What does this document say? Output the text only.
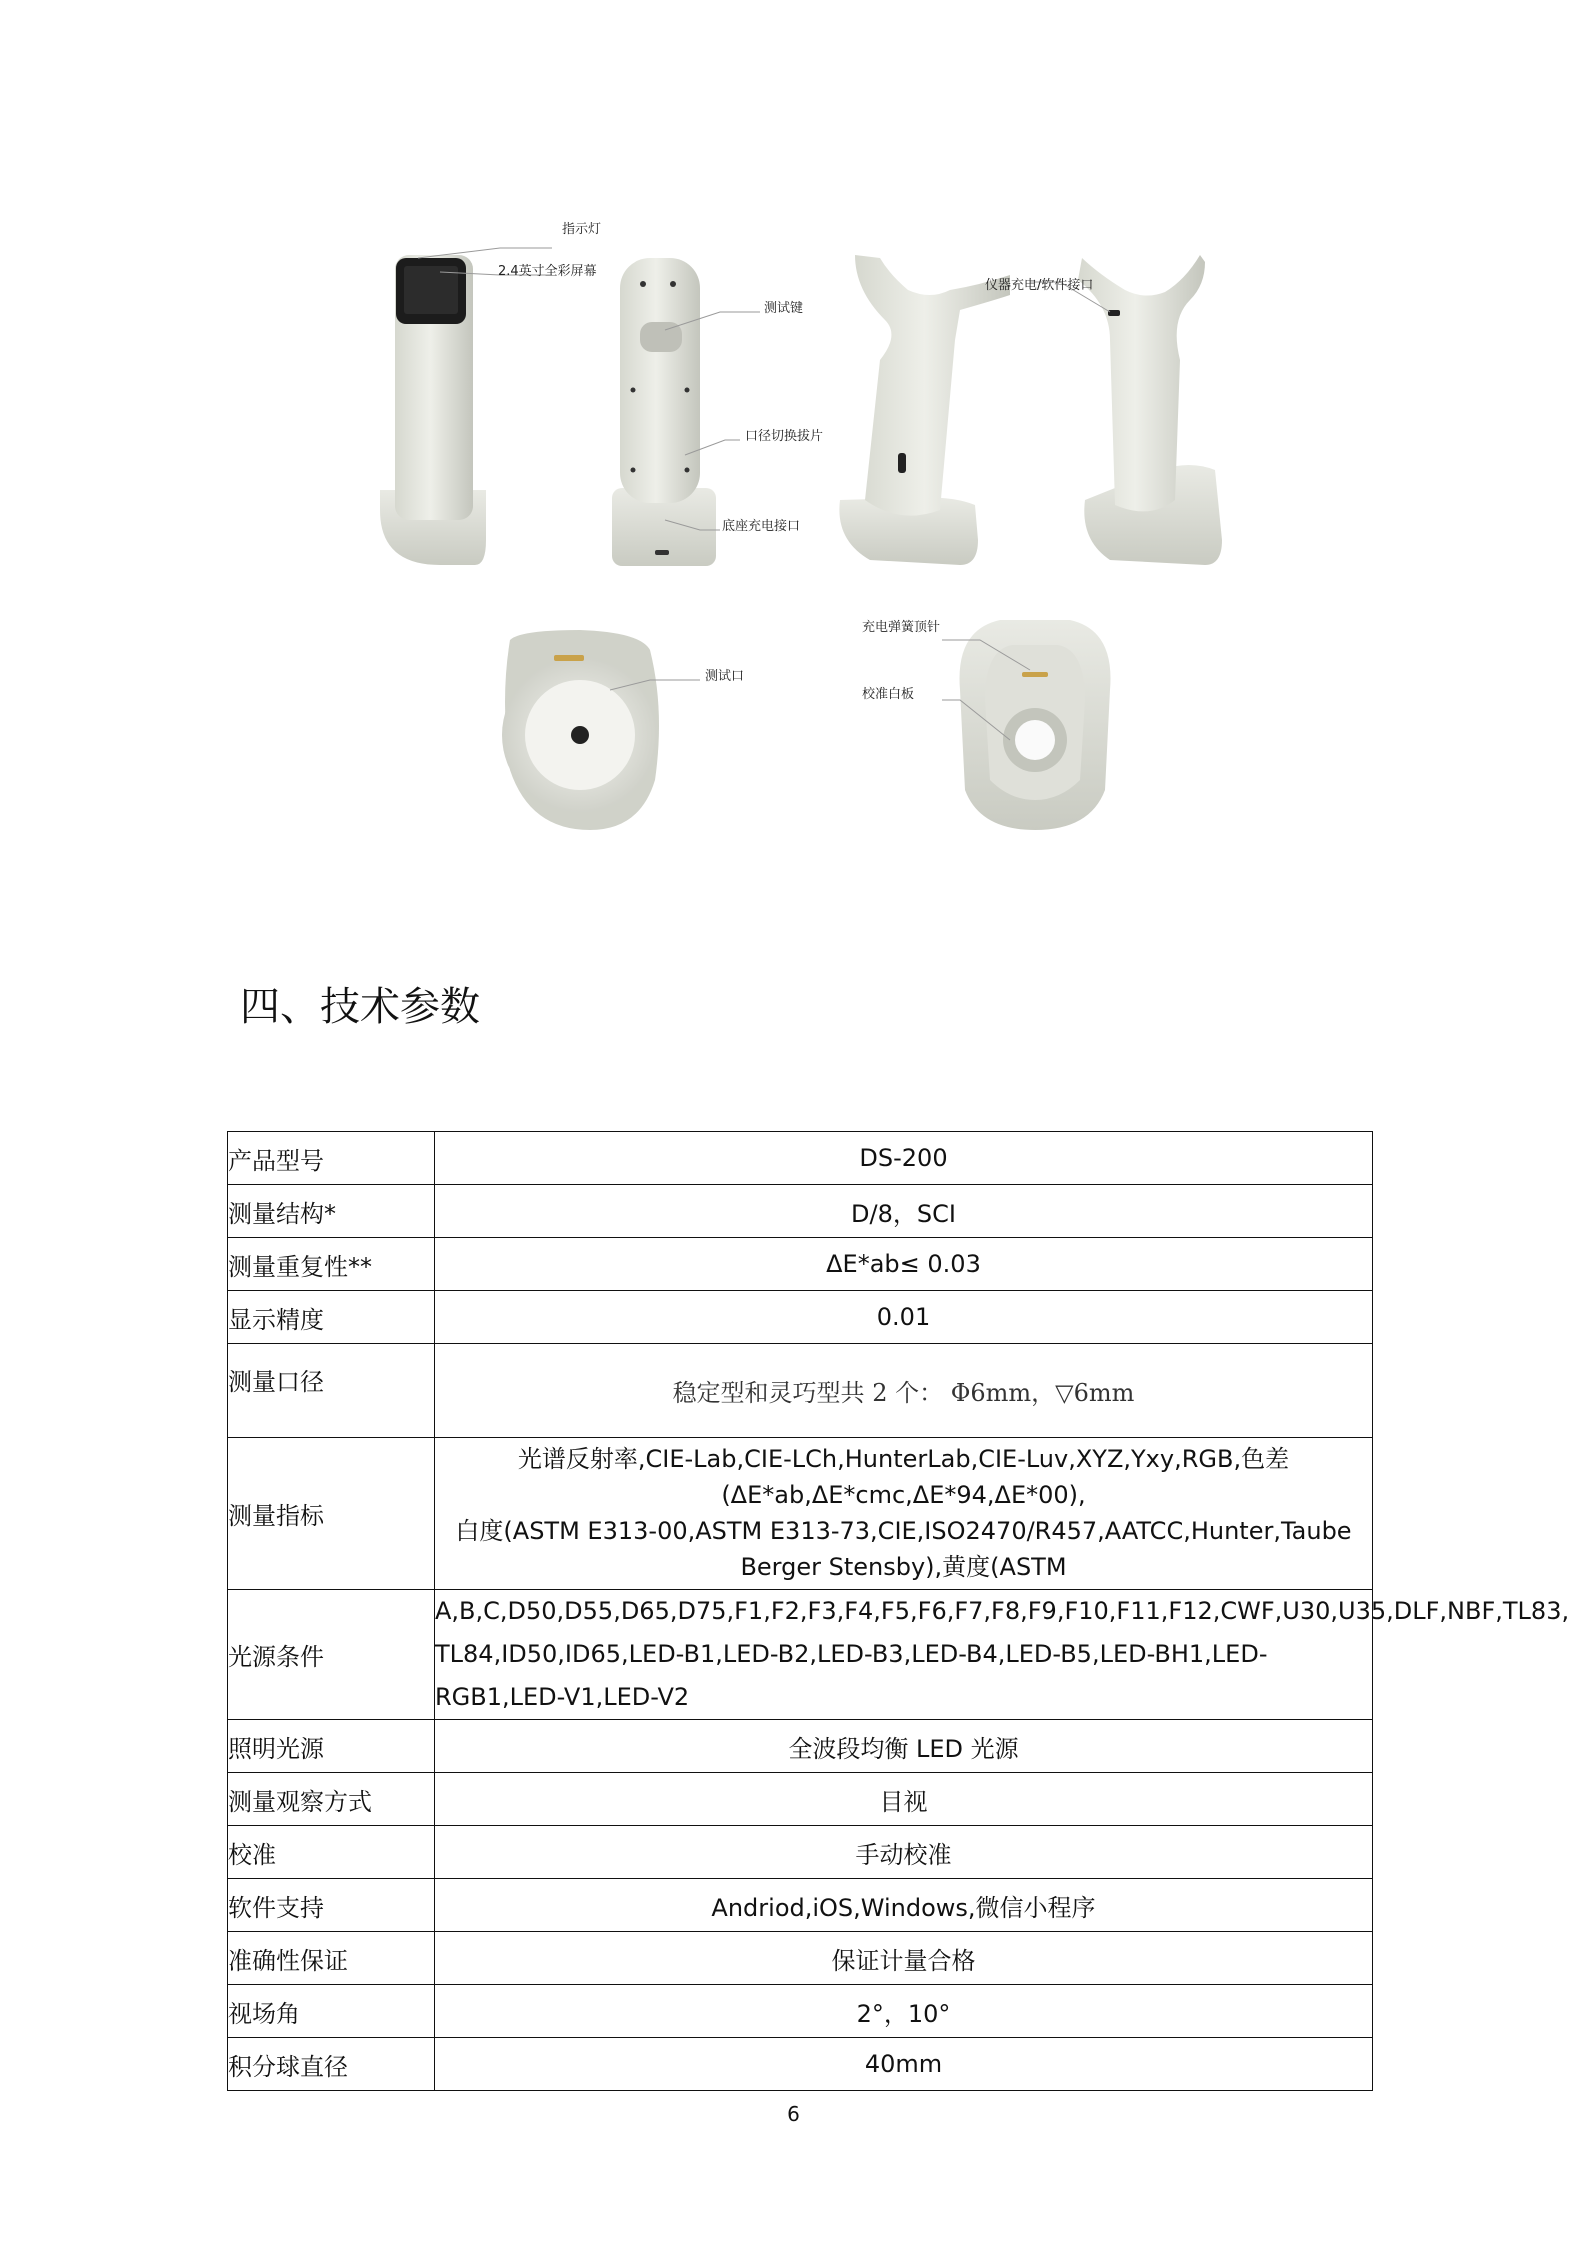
指示灯
2.4英寸全彩屏幕
测试键
口径切换拔片
底座充电接口
仪器充电/软件接口
测试口
充电弹簧顶针
校准白板
四、技术参数
产品型号	DS-200
测量结构*	D/8，SCI
测量重复性**	ΔE*ab≤ 0.03
显示精度	0.01
测量口径	稳定型和灵巧型共 2 个： Φ6mm，▽6mm
测量指标	光谱反射率,CIE-Lab,CIE-LCh,HunterLab,CIE-Luv,XYZ,Yxy,RGB,色差(ΔE*ab,ΔE*cmc,ΔE*94,ΔE*00),
白度(ASTM E313-00,ASTM E313-73,CIE,ISO2470/R457,AATCC,Hunter,Taube Berger Stensby),黄度(ASTM

光源条件	A,B,C,D50,D55,D65,D75,F1,F2,F3,F4,F5,F6,F7,F8,F9,F10,F11,F12,CWF,U30,U35,DLF,NBF,TL83,
TL84,ID50,ID65,LED-B1,LED-B2,LED-B3,LED-B4,LED-B5,LED-BH1,LED-RGB1,LED-V1,LED-V2

照明光源	全波段均衡 LED 光源
测量观察方式	目视
校准	手动校准
软件支持	Andriod,iOS,Windows,微信小程序
准确性保证	保证计量合格
视场角	2°，10°
积分球直径	40mm
6
